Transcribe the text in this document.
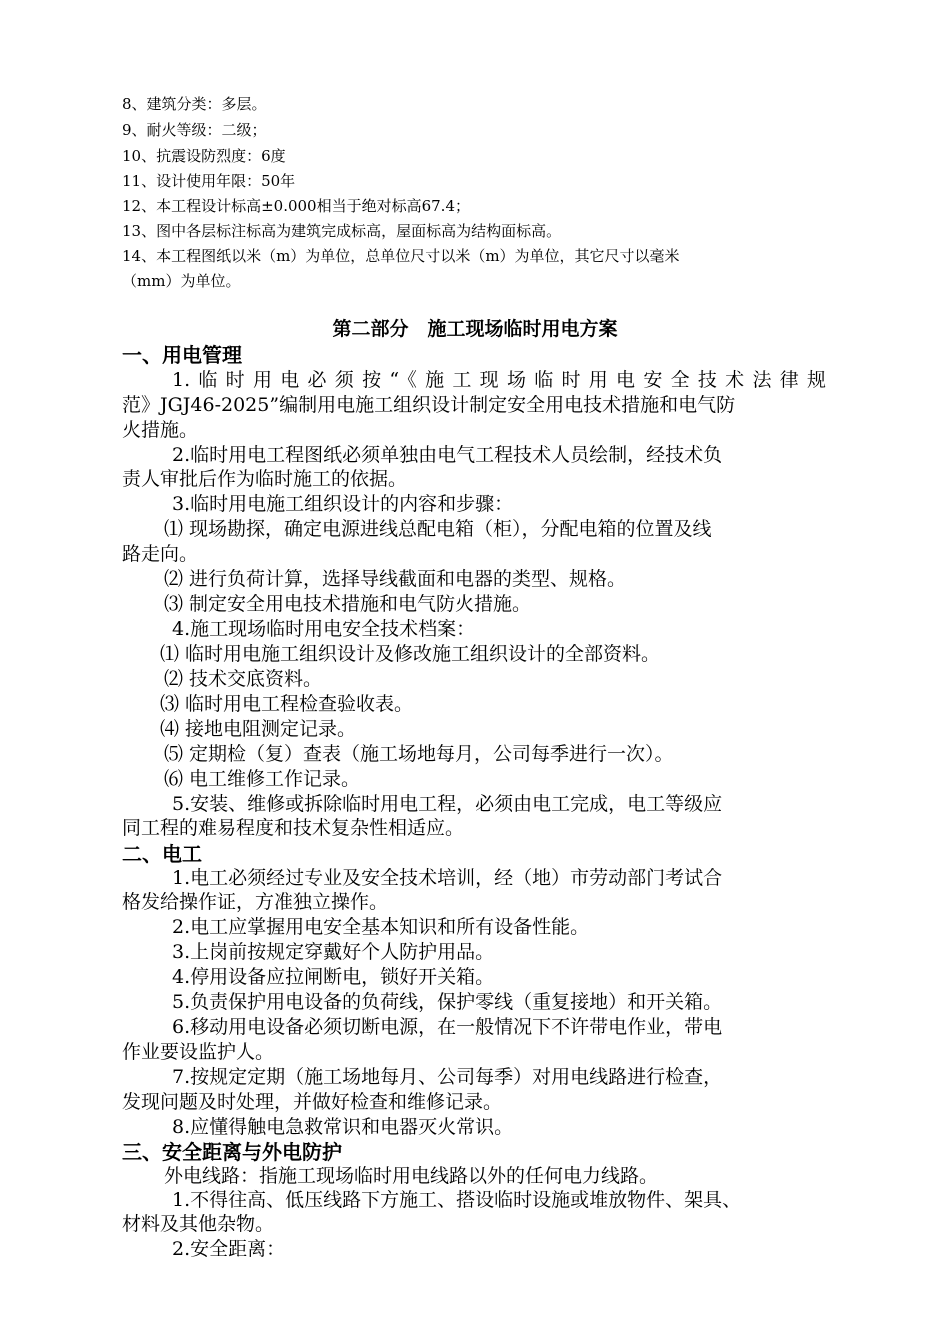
8、建筑分类：多层。
9、耐火等级：二级；
10、抗震设防烈度：6度
11、设计使用年限：50年
12、本工程设计标高±0.000相当于绝对标高67.4；
13、图中各层标注标高为建筑完成标高，屋面标高为结构面标高。
14、本工程图纸以米（m）为单位，总单位尺寸以米（m）为单位，其它尺寸以毫米
（mm）为单位。
第二部分　施工现场临时用电方案
一、用电管理
1.临时用电必须按“《施工现场临时用电安全技术法律规
范》JGJ46-2025”编制用电施工组织设计制定安全用电技术措施和电气防
火措施。
2.临时用电工程图纸必须单独由电气工程技术人员绘制，经技术负
责人审批后作为临时施工的依据。
3.临时用电施工组织设计的内容和步骤：
⑴ 现场勘探，确定电源进线总配电箱（柜），分配电箱的位置及线
路走向。
⑵ 进行负荷计算，选择导线截面和电器的类型、规格。
⑶ 制定安全用电技术措施和电气防火措施。
4.施工现场临时用电安全技术档案：
⑴ 临时用电施工组织设计及修改施工组织设计的全部资料。
⑵ 技术交底资料。
⑶ 临时用电工程检查验收表。
⑷ 接地电阻测定记录。
⑸ 定期检（复）查表（施工场地每月，公司每季进行一次）。
⑹ 电工维修工作记录。
5.安装、维修或拆除临时用电工程，必须由电工完成，电工等级应
同工程的难易程度和技术复杂性相适应。
二、电工
1.电工必须经过专业及安全技术培训，经（地）市劳动部门考试合
格发给操作证，方准独立操作。
2.电工应掌握用电安全基本知识和所有设备性能。
3.上岗前按规定穿戴好个人防护用品。
4.停用设备应拉闸断电，锁好开关箱。
5.负责保护用电设备的负荷线，保护零线（重复接地）和开关箱。
6.移动用电设备必须切断电源，在一般情况下不许带电作业，带电
作业要设监护人。
7.按规定定期（施工场地每月、公司每季）对用电线路进行检查，
发现问题及时处理，并做好检查和维修记录。
8.应懂得触电急救常识和电器灭火常识。
三、安全距离与外电防护
外电线路：指施工现场临时用电线路以外的任何电力线路。
1.不得往高、低压线路下方施工、搭设临时设施或堆放物件、架具、
材料及其他杂物。
2.安全距离：
